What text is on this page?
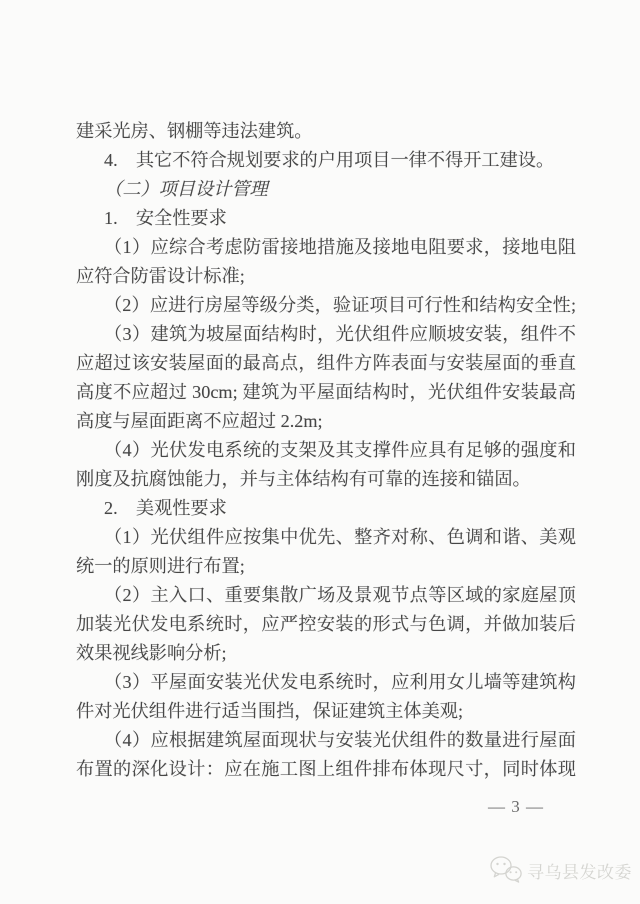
建采光房、钢棚等违法建筑。
4.　其它不符合规划要求的户用项目一律不得开工建设。
（二）项目设计管理
1.　安全性要求
（1）应综合考虑防雷接地措施及接地电阻要求，接地电阻
应符合防雷设计标准;
（2）应进行房屋等级分类，验证项目可行性和结构安全性;
（3）建筑为坡屋面结构时，光伏组件应顺坡安装，组件不
应超过该安装屋面的最高点，组件方阵表面与安装屋面的垂直
高度不应超过 30cm; 建筑为平屋面结构时，光伏组件安装最高
高度与屋面距离不应超过 2.2m;
（4）光伏发电系统的支架及其支撑件应具有足够的强度和
刚度及抗腐蚀能力，并与主体结构有可靠的连接和锚固。
2.　美观性要求
（1）光伏组件应按集中优先、整齐对称、色调和谐、美观
统一的原则进行布置;
（2）主入口、重要集散广场及景观节点等区域的家庭屋顶
加装光伏发电系统时，应严控安装的形式与色调，并做加装后
效果视线影响分析;
（3）平屋面安装光伏发电系统时，应利用女儿墙等建筑构
件对光伏组件进行适当围挡，保证建筑主体美观;
（4）应根据建筑屋面现状与安装光伏组件的数量进行屋面
布置的深化设计：应在施工图上组件排布体现尺寸，同时体现
— 3 —
寻乌县发改委
